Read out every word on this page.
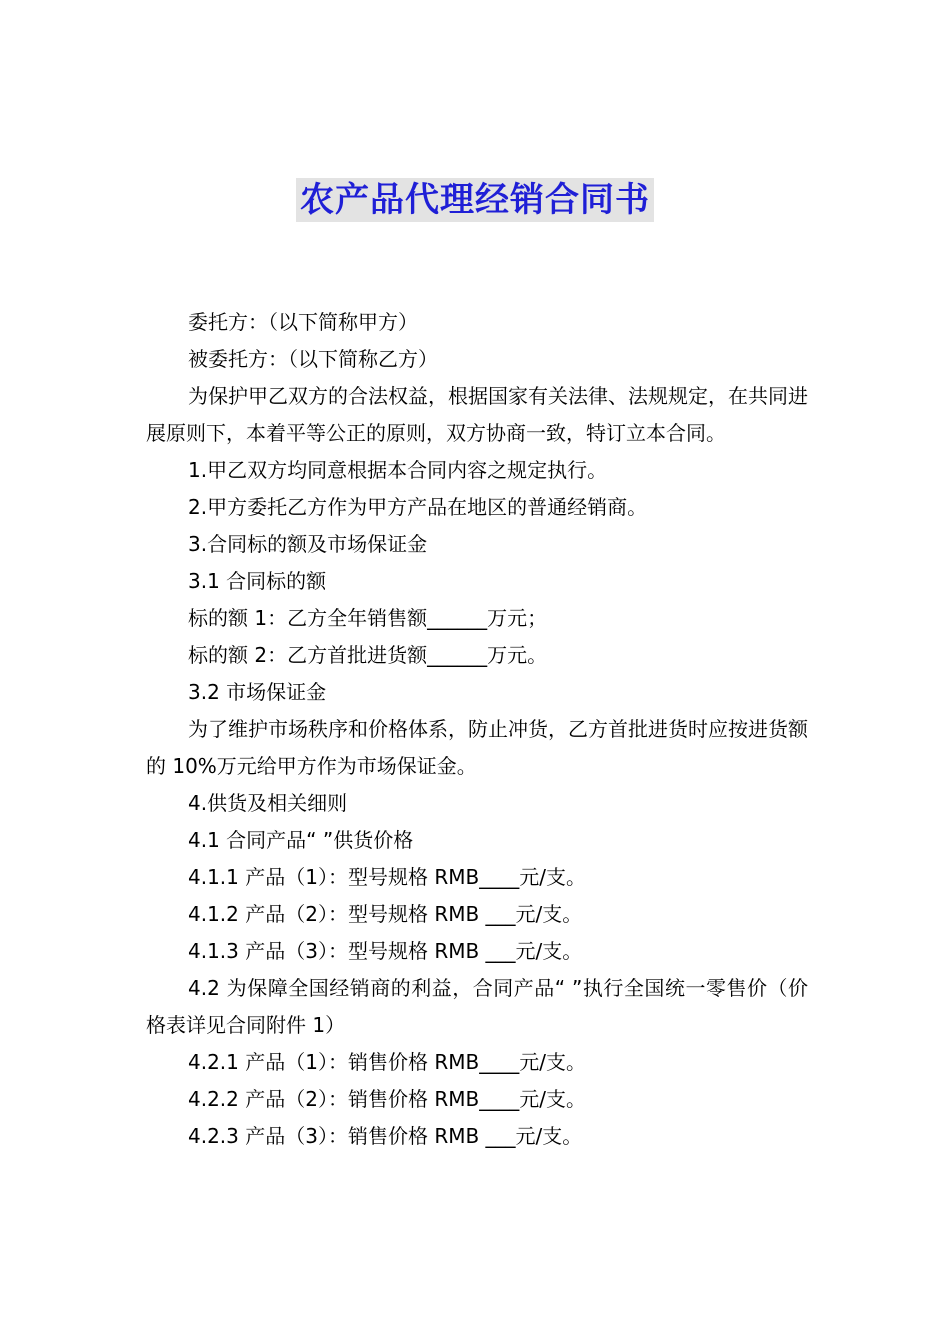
农产品代理经销合同书

委托方：（以下简称甲方）

被委托方：（以下简称乙方）

为保护甲乙双方的合法权益，根据国家有关法律、法规规定，在共同进展原则下，本着平等公正的原则，双方协商一致，特订立本合同。

1.甲乙双方均同意根据本合同内容之规定执行。

2.甲方委托乙方作为甲方产品在地区的普通经销商。

3.合同标的额及市场保证金

3.1 合同标的额

标的额 1：乙方全年销售额______万元；

标的额 2：乙方首批进货额______万元。

3.2 市场保证金

为了维护市场秩序和价格体系，防止冲货，乙方首批进货时应按进货额的 10%万元给甲方作为市场保证金。

4.供货及相关细则

4.1 合同产品“ ”供货价格

4.1.1 产品（1）：型号规格 RMB____元/支。

4.1.2 产品（2）：型号规格 RMB ___元/支。

4.1.3 产品（3）：型号规格 RMB ___元/支。

4.2 为保障全国经销商的利益，合同产品“ ”执行全国统一零售价（价格表详见合同附件 1）

4.2.1 产品（1）：销售价格 RMB____元/支。

4.2.2 产品（2）：销售价格 RMB____元/支。

4.2.3 产品（3）：销售价格 RMB ___元/支。
